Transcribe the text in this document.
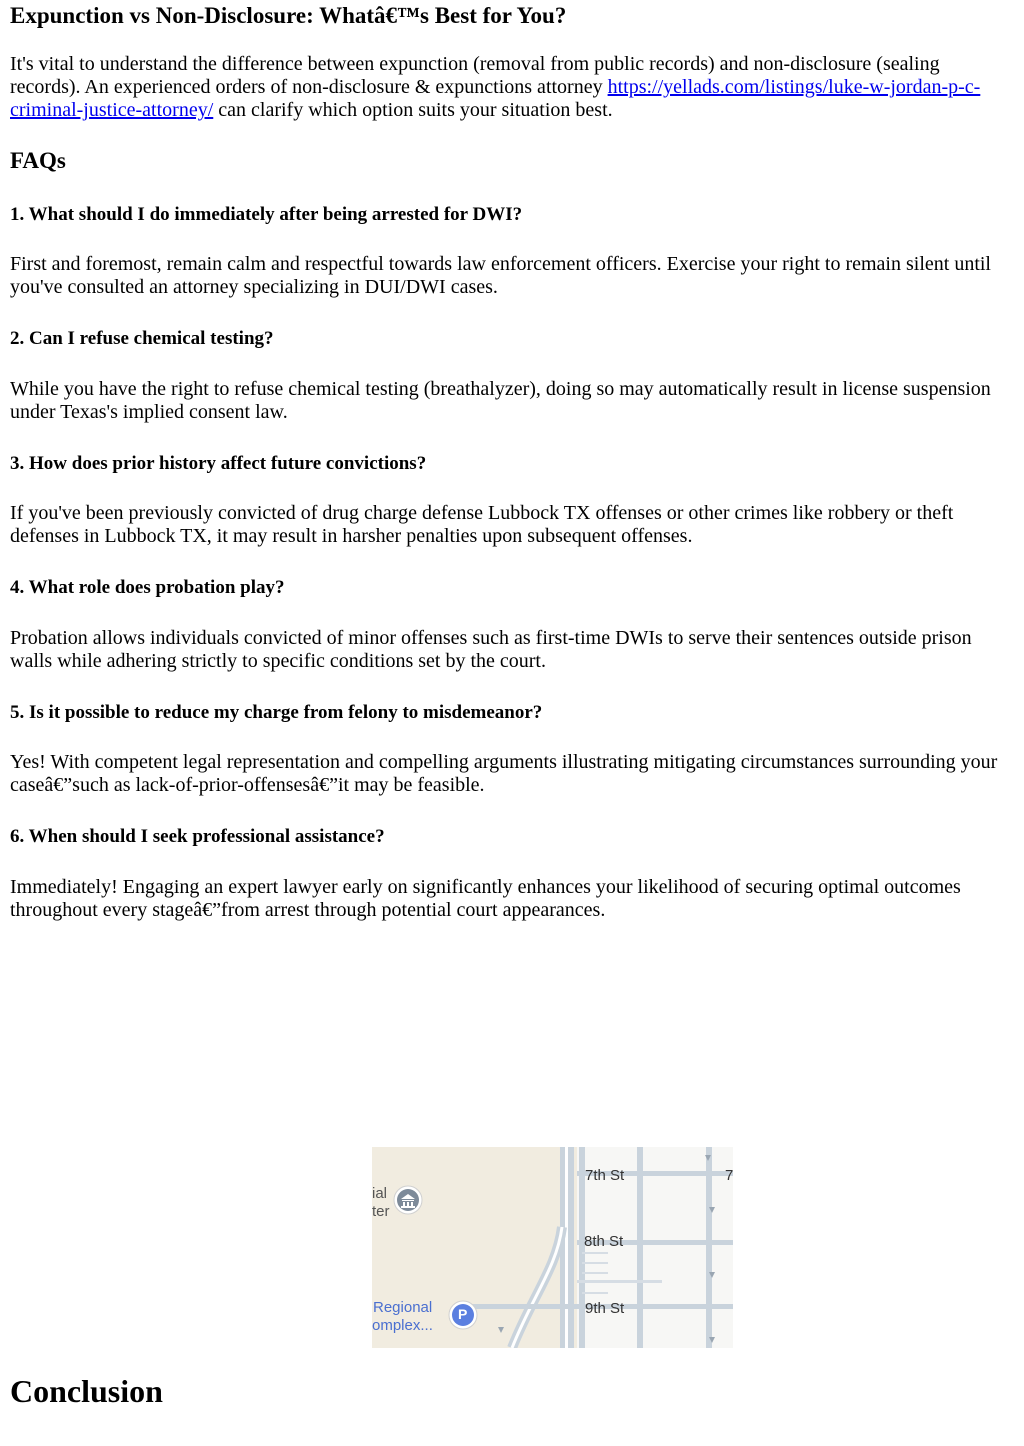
Expunction vs Non-Disclosure: Whatâ€™s Best for You?

It's vital to understand the difference between expunction (removal from public records) and non-disclosure (sealing records). An experienced orders of non-disclosure & expunctions attorney https://yellads.com/listings/luke-w-jordan-p-c-criminal-justice-attorney/ can clarify which option suits your situation best.

FAQs
1. What should I do immediately after being arrested for DWI?

First and foremost, remain calm and respectful towards law enforcement officers. Exercise your right to remain silent until you've consulted an attorney specializing in DUI/DWI cases.

2. Can I refuse chemical testing?

While you have the right to refuse chemical testing (breathalyzer), doing so may automatically result in license suspension under Texas's implied consent law.

3. How does prior history affect future convictions?

If you've been previously convicted of drug charge defense Lubbock TX offenses or other crimes like robbery or theft defenses in Lubbock TX, it may result in harsher penalties upon subsequent offenses.

4. What role does probation play?

Probation allows individuals convicted of minor offenses such as first-time DWIs to serve their sentences outside prison walls while adhering strictly to specific conditions set by the court.

5. Is it possible to reduce my charge from felony to misdemeanor?

Yes! With competent legal representation and compelling arguments illustrating mitigating circumstances surrounding your caseâ€”such as lack-of-prior-offensesâ€”it may be feasible.

6. When should I seek professional assistance?

Immediately! Engaging an expert lawyer early on significantly enhances your likelihood of securing optimal outcomes throughout every stageâ€”from arrest through potential court appearances.

Conclusion
7th St
8th St
9th St
7
ial
ter
Regional
omplex...
P
